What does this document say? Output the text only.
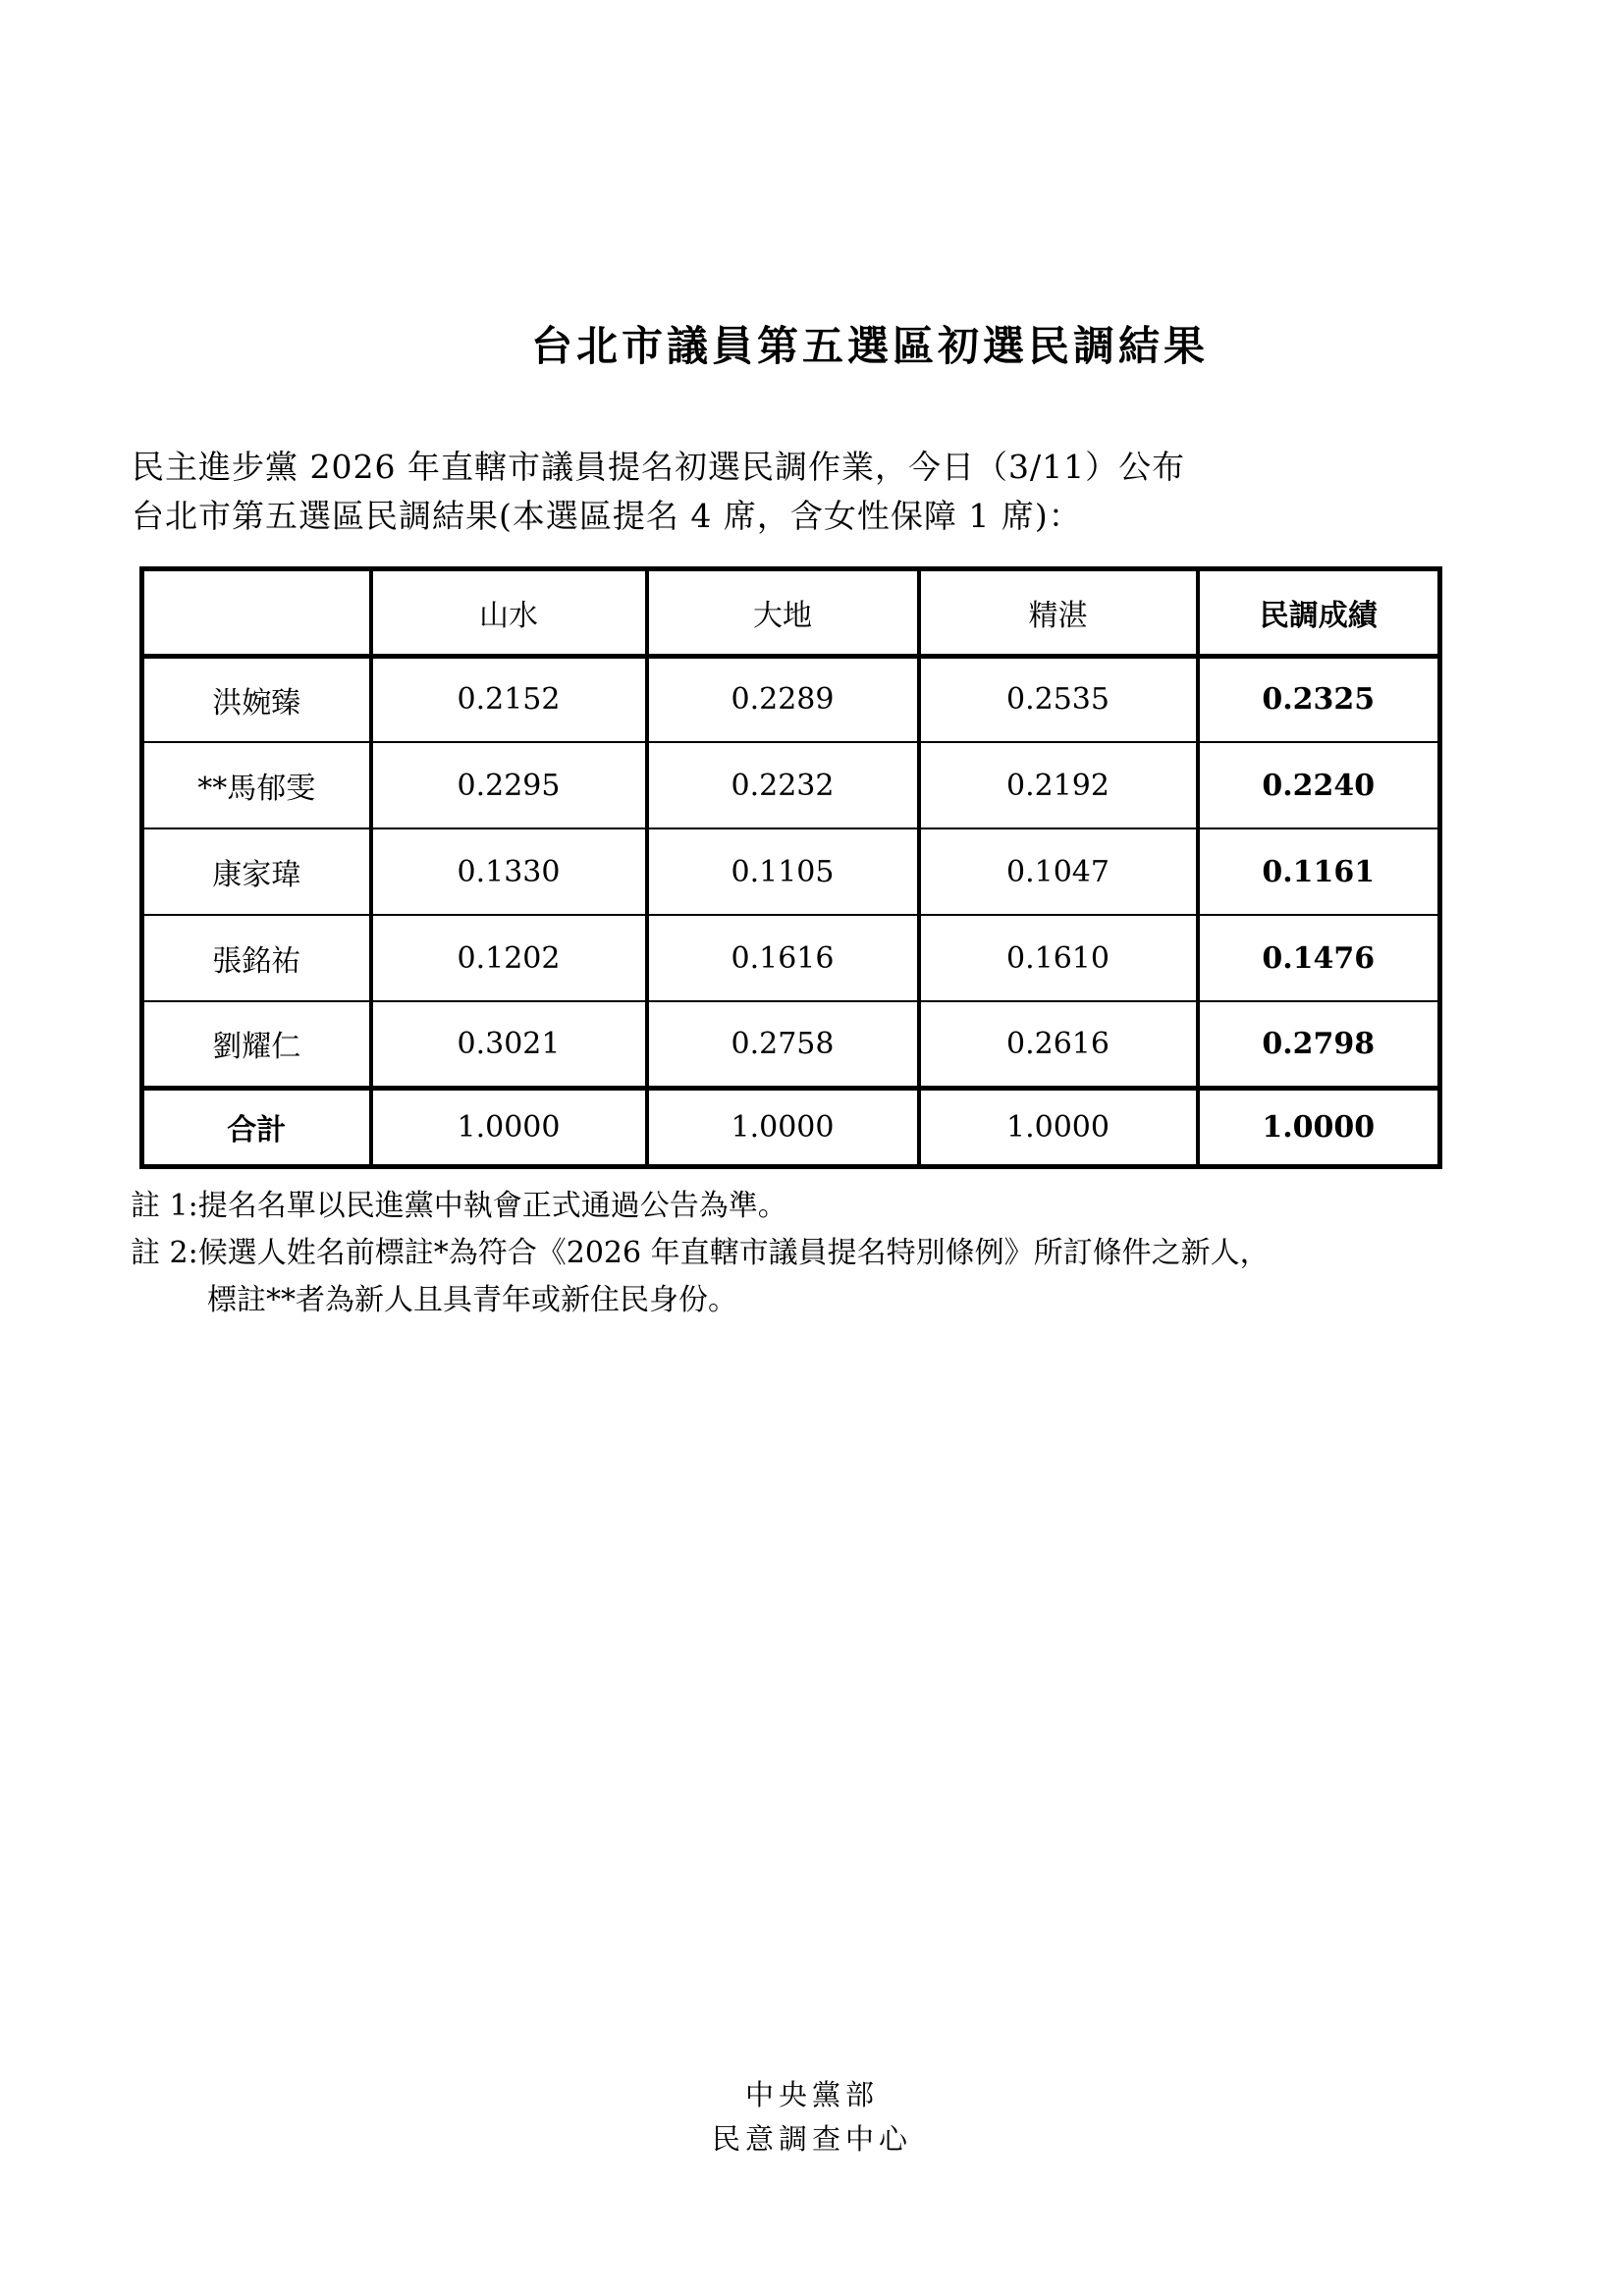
台北市議員第五選區初選民調結果

民主進步黨 2026 年直轄市議員提名初選民調作業，今日（3/11）公布
台北市第五選區民調結果(本選區提名 4 席，含女性保障 1 席)：

	山水	大地	精湛	民調成績
洪婉臻	0.2152	0.2289	0.2535	0.2325
**馬郁雯	0.2295	0.2232	0.2192	0.2240
康家瑋	0.1330	0.1105	0.1047	0.1161
張銘祐	0.1202	0.1616	0.1610	0.1476
劉耀仁	0.3021	0.2758	0.2616	0.2798
合計	1.0000	1.0000	1.0000	1.0000

註 1:提名名單以民進黨中執會正式通過公告為準。

註 2:候選人姓名前標註*為符合《2026 年直轄市議員提名特別條例》所訂條件之新人，

標註**者為新人且具青年或新住民身份。

中央黨部
民意調查中心
